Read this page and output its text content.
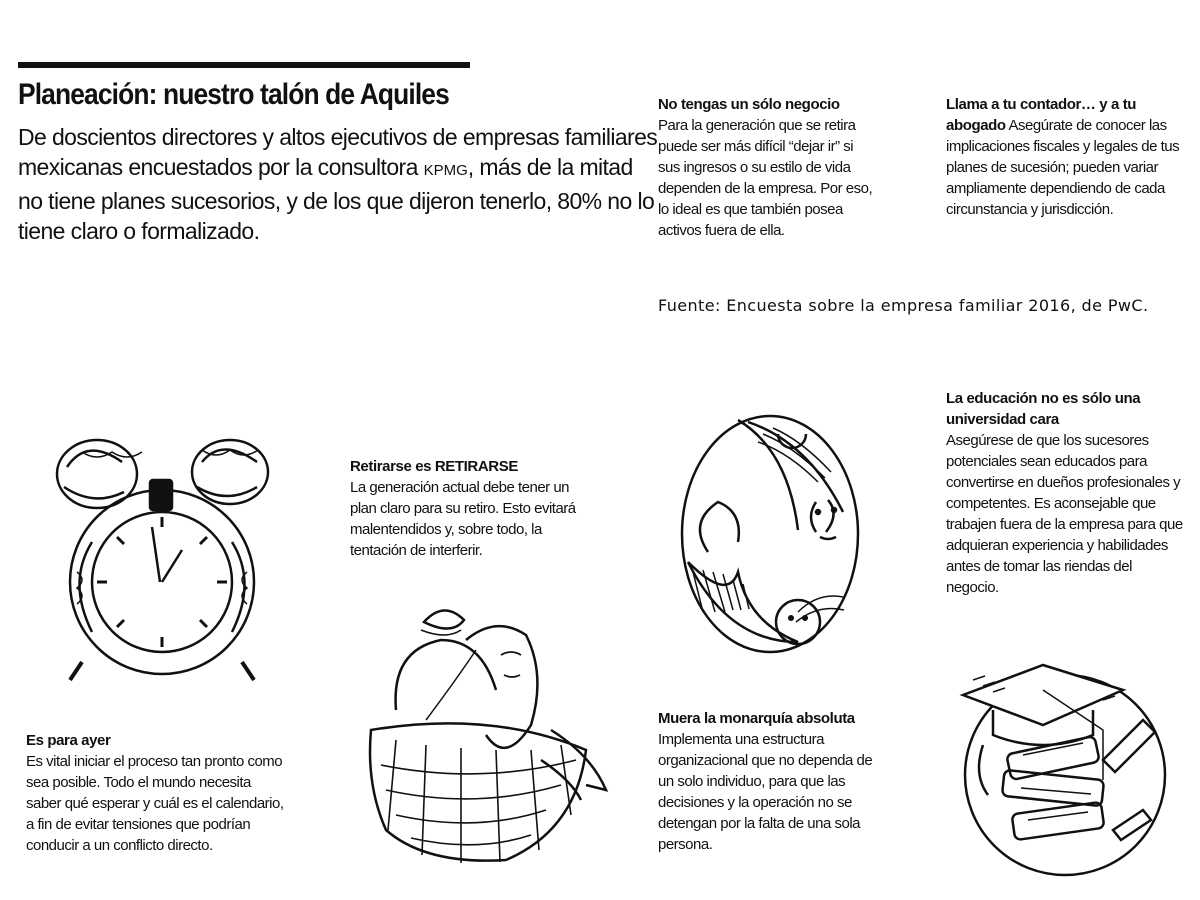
Planeación: nuestro talón de Aquiles

De doscientos directores y altos ejecutivos de empresas familiares mexicanas encuestados por la consultora KPMG, más de la mitad no tiene planes sucesorios, y de los que dijeron tenerlo, 80% no lo tiene claro o formalizado.

No tengas un sólo negocio

Para la generación que se retira puede ser más difícil “dejar ir” si sus ingresos o su estilo de vida dependen de la empresa. Por eso, lo ideal es que también posea activos fuera de ella.

Llama a tu contador… y a tu abogado Asegúrate de conocer las implicaciones fiscales y legales de tus planes de sucesión; pueden variar ampliamente dependiendo de cada circunstancia y jurisdicción.

Fuente: Encuesta sobre la empresa familiar 2016, de PwC.

Retirarse es RETIRARSE

La generación actual debe tener un plan claro para su retiro. Esto evitará malentendidos y, sobre todo, la tentación de interferir.

La educación no es sólo una universidad cara

Asegúrese de que los sucesores potenciales sean educados para convertirse en dueños profesionales y competentes. Es aconsejable que trabajen fuera de la empresa para que adquieran experiencia y habilidades antes de tomar las riendas del negocio.

Es para ayer

Es vital iniciar el proceso tan pronto como sea posible. Todo el mundo necesita saber qué esperar y cuál es el calendario, a fin de evitar tensiones que podrían conducir a un conflicto directo.

Muera la monarquía absoluta

Implementa una estructura organizacional que no dependa de un solo individuo, para que las decisiones y la operación no se detengan por la falta de una sola persona.
